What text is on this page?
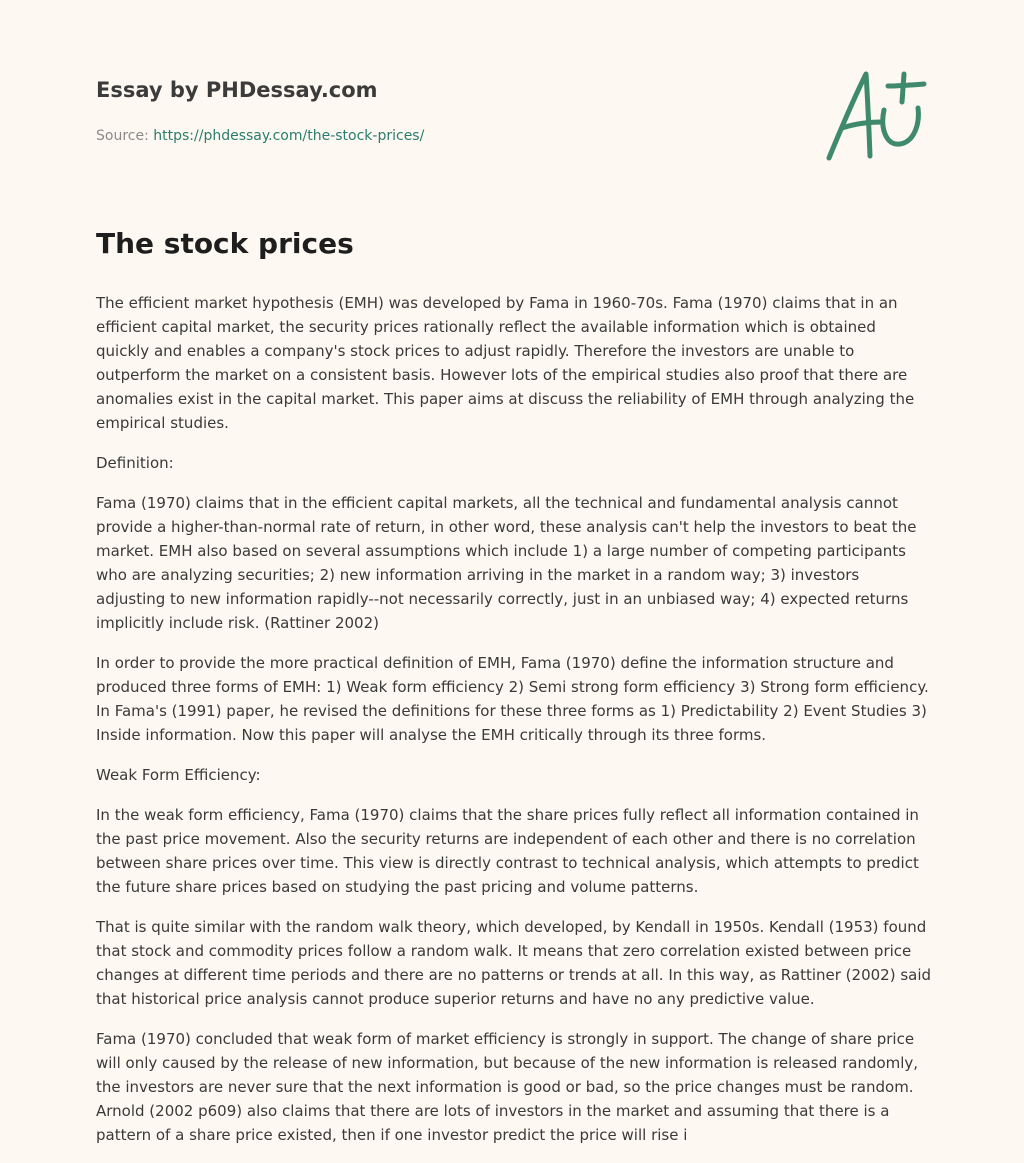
Essay by PHDessay.com
Source: https://phdessay.com/the-stock-prices/
The stock prices

The efficient market hypothesis (EMH) was developed by Fama in 1960-70s. Fama (1970) claims that in an efficient capital market, the security prices rationally reflect the available information which is obtained quickly and enables a company's stock prices to adjust rapidly. Therefore the investors are unable to outperform the market on a consistent basis. However lots of the empirical studies also proof that there are anomalies exist in the capital market. This paper aims at discuss the reliability of EMH through analyzing the empirical studies.

Definition:

Fama (1970) claims that in the efficient capital markets, all the technical and fundamental analysis cannot provide a higher-than-normal rate of return, in other word, these analysis can't help the investors to beat the market. EMH also based on several assumptions which include 1) a large number of competing participants who are analyzing securities; 2) new information arriving in the market in a random way; 3) investors adjusting to new information rapidly--not necessarily correctly, just in an unbiased way; 4) expected returns implicitly include risk. (Rattiner 2002)

In order to provide the more practical definition of EMH, Fama (1970) define the information structure and produced three forms of EMH: 1) Weak form efficiency 2) Semi strong form efficiency 3) Strong form efficiency. In Fama's (1991) paper, he revised the definitions for these three forms as 1) Predictability 2) Event Studies 3) Inside information. Now this paper will analyse the EMH critically through its three forms.

Weak Form Efficiency:

In the weak form efficiency, Fama (1970) claims that the share prices fully reflect all information contained in the past price movement. Also the security returns are independent of each other and there is no correlation between share prices over time. This view is directly contrast to technical analysis, which attempts to predict the future share prices based on studying the past pricing and volume patterns.

That is quite similar with the random walk theory, which developed, by Kendall in 1950s. Kendall (1953) found that stock and commodity prices follow a random walk. It means that zero correlation existed between price changes at different time periods and there are no patterns or trends at all. In this way, as Rattiner (2002) said that historical price analysis cannot produce superior returns and have no any predictive value.

Fama (1970) concluded that weak form of market efficiency is strongly in support. The change of share price will only caused by the release of new information, but because of the new information is released randomly, the investors are never sure that the next information is good or bad, so the price changes must be random. Arnold (2002 p609) also claims that there are lots of investors in the market and assuming that there is a pattern of a share price existed, then if one investor predict the price will rise i
